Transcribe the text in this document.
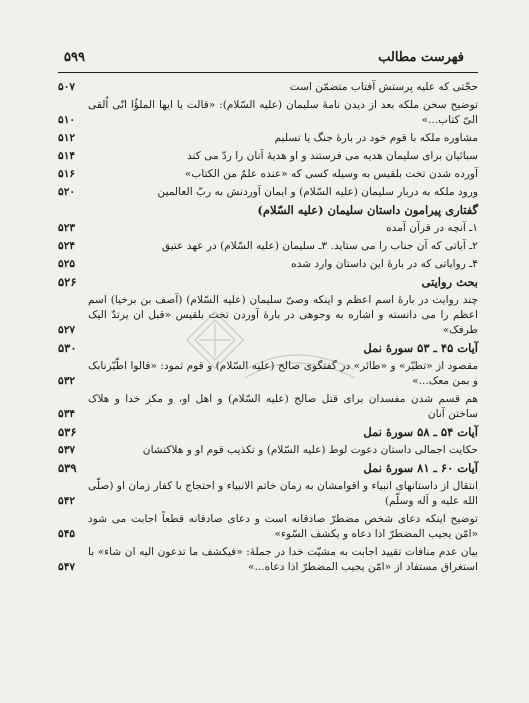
فهرست مطالب
۵۹۹
حجّتی که علیه پرستش آفتاب متضمّن است
۵۰۷
توضیح سخن ملکه بعد از دیدن نامهٔ سلیمان (علیه السّلام): «قالت یا ایها الملؤُا انّی اُلقی الیّ کتاب...»
۵۱۰
مشاوره ملکه با قوم خود در بارهٔ جنگ یا تسلیم
۵۱۲
سبائیان برای سلیمان هدیه می فرستند و او هدیهٔ آنان را ردّ می کند
۵۱۴
آورده شدن تخت بلقیس به وسیله کسی که «عنده علمٌ من الکتاب»
۵۱۶
ورود ملکه به دربار سلیمان (علیه السّلام) و ایمان آوردنش به ربّ العالمین
۵۲۰
گفتاری پیرامون داستان سلیمان (علیه السّلام)
۱ـ آنچه در قرآن آمده
۵۲۳
۲ـ آیاتی که آن جناب را می ستاید. ۳ـ سلیمان (علیه السّلام) در عهد عتیق
۵۲۴
۴ـ روایاتی که در بارهٔ این داستان وارد شده
۵۲۵
بحث روایتی
۵۲۶
چند روایت در بارهٔ اسم اعظم و اینکه وصیّ سلیمان (علیه السّلام) (آصف بن برخیا) اسم اعظم را می دانسته و اشاره به وجوهی در بارهٔ آوردن تخت بلقیس «قبل ان یرتدّ الیک طرفک»
۵۲۷
آیات ۴۵ ـ ۵۳ سورهٔ نمل
۵۳۰
مقصود از «تطیّر» و «طائر» در گفتگوی صالح (علیه السّلام) و قوم ثمود: «قالوا اطّیّرنابک و بمن معک...»
۵۳۲
هم قسم شدن مفسدان برای قتل صالح (علیه السّلام) و اهل او، و مکر خدا و هلاک ساختن آنان
۵۳۴
آیات ۵۴ ـ ۵۸ سورهٔ نمل
۵۳۶
حکایت اجمالی داستان دعوت لوط (علیه السّلام) و تکذیب قوم او و هلاکتشان
۵۳۷
آیات ۶۰ ـ ۸۱ سورهٔ نمل
۵۳۹
انتقال از داستانهای انبیاء و اقوامشان به زمان خاتم الانبیاء و احتجاج با کفار زمان او (صلّی الله علیه و آله وسلّم)
۵۴۲
توضیح اینکه دعای شخص مضطرّ صادقانه است و دعای صادقانه قطعاً اجابت می شود «امّن یجیب المضطرّ اذا دعاه و یکشف السّوء»
۵۴۵
بیان عدم منافات تقیید اجابت به مشیّت خدا در جملهٔ: «فیکشف ما تدعون الیه ان شاء» با استغراق مستفاد از «امّن یجیب المضطرّ اذا دعاه...»
۵۴۷
